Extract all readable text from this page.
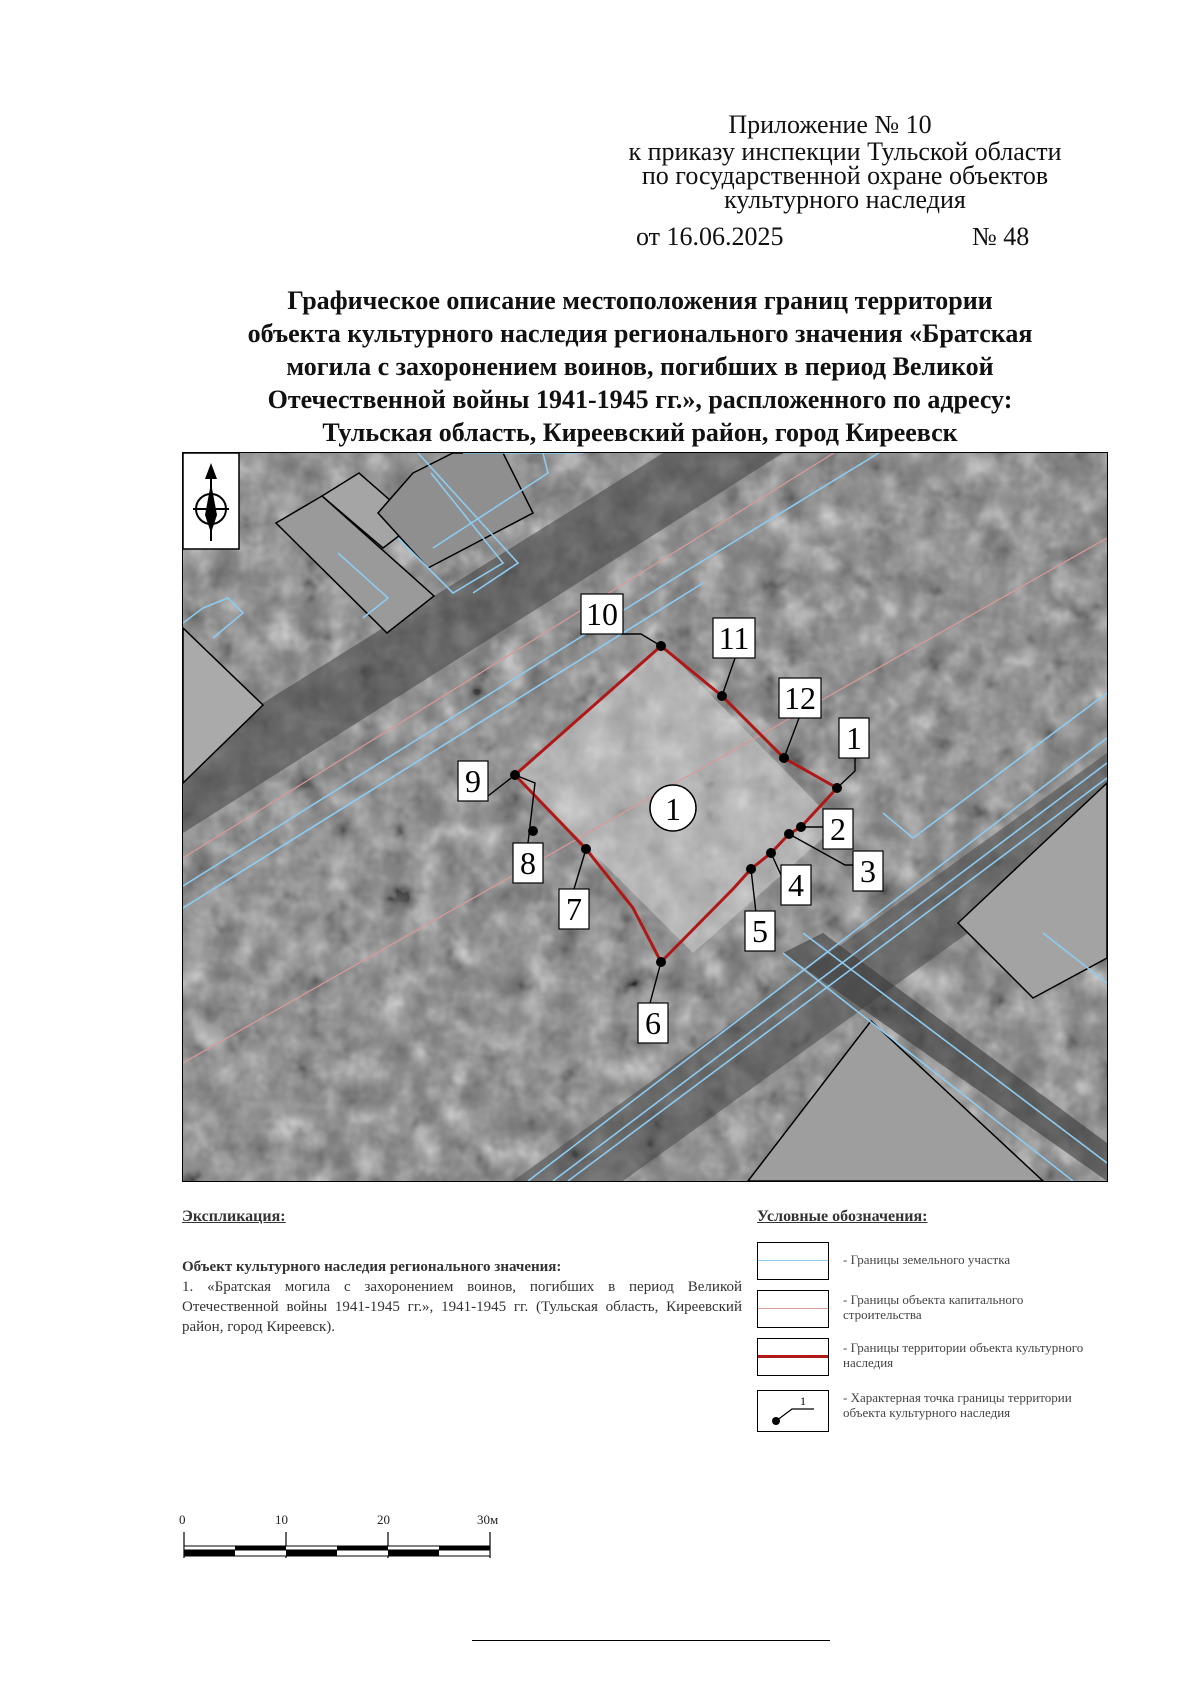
Приложение № 10
к приказу инспекции Тульской области
по государственной охране объектов
культурного наследия
от 16.06.2025	№ 48
Графическое описание местоположения границ территории
объекта культурного наследия регионального значения «Братская
могила с захоронением воинов, погибших в период Великой
Отечественной войны 1941-1945 гг.», распложенного по адресу:
Тульская область, Киреевский район, город Киреевск
1
2
3
4
5
6
7
8
9
10
11
12
1
Экспликация:
Объект культурного наследия регионального значения:
1. «Братская могила с захоронением воинов, погибших в период Великой Отечественной войны 1941-1945 гг.», 1941-1945 гг. (Тульская область, Киреевский район, город Киреевск).
Условные обозначения:
- Границы земельного участка
- Границы объекта капитального строительства
- Границы территории объекта культурного наследия
1	- Характерная точка границы территории объекта культурного наследия
0	10	20	30м
